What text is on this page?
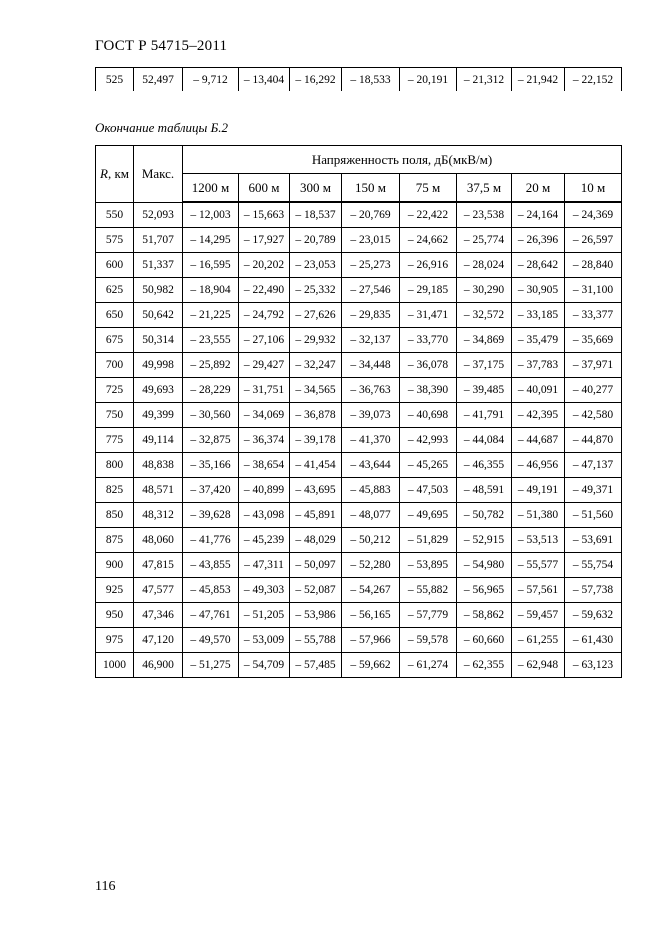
ГОСТ Р 54715–2011
525	52,497	– 9,712	– 13,404	– 16,292	– 18,533	– 20,191	– 21,312	– 21,942	– 22,152
Окончание таблицы Б.2
R, км	Макс.	Напряженность поля, дБ(мкВ/м)							
		1200 м	600 м	300 м	150 м	75 м	37,5 м	20 м	10 м
550	52,093	– 12,003	– 15,663	– 18,537	– 20,769	– 22,422	– 23,538	– 24,164	– 24,369
575	51,707	– 14,295	– 17,927	– 20,789	– 23,015	– 24,662	– 25,774	– 26,396	– 26,597
600	51,337	– 16,595	– 20,202	– 23,053	– 25,273	– 26,916	– 28,024	– 28,642	– 28,840
625	50,982	– 18,904	– 22,490	– 25,332	– 27,546	– 29,185	– 30,290	– 30,905	– 31,100
650	50,642	– 21,225	– 24,792	– 27,626	– 29,835	– 31,471	– 32,572	– 33,185	– 33,377
675	50,314	– 23,555	– 27,106	– 29,932	– 32,137	– 33,770	– 34,869	– 35,479	– 35,669
700	49,998	– 25,892	– 29,427	– 32,247	– 34,448	– 36,078	– 37,175	– 37,783	– 37,971
725	49,693	– 28,229	– 31,751	– 34,565	– 36,763	– 38,390	– 39,485	– 40,091	– 40,277
750	49,399	– 30,560	– 34,069	– 36,878	– 39,073	– 40,698	– 41,791	– 42,395	– 42,580
775	49,114	– 32,875	– 36,374	– 39,178	– 41,370	– 42,993	– 44,084	– 44,687	– 44,870
800	48,838	– 35,166	– 38,654	– 41,454	– 43,644	– 45,265	– 46,355	– 46,956	– 47,137
825	48,571	– 37,420	– 40,899	– 43,695	– 45,883	– 47,503	– 48,591	– 49,191	– 49,371
850	48,312	– 39,628	– 43,098	– 45,891	– 48,077	– 49,695	– 50,782	– 51,380	– 51,560
875	48,060	– 41,776	– 45,239	– 48,029	– 50,212	– 51,829	– 52,915	– 53,513	– 53,691
900	47,815	– 43,855	– 47,311	– 50,097	– 52,280	– 53,895	– 54,980	– 55,577	– 55,754
925	47,577	– 45,853	– 49,303	– 52,087	– 54,267	– 55,882	– 56,965	– 57,561	– 57,738
950	47,346	– 47,761	– 51,205	– 53,986	– 56,165	– 57,779	– 58,862	– 59,457	– 59,632
975	47,120	– 49,570	– 53,009	– 55,788	– 57,966	– 59,578	– 60,660	– 61,255	– 61,430
1000	46,900	– 51,275	– 54,709	– 57,485	– 59,662	– 61,274	– 62,355	– 62,948	– 63,123
116
